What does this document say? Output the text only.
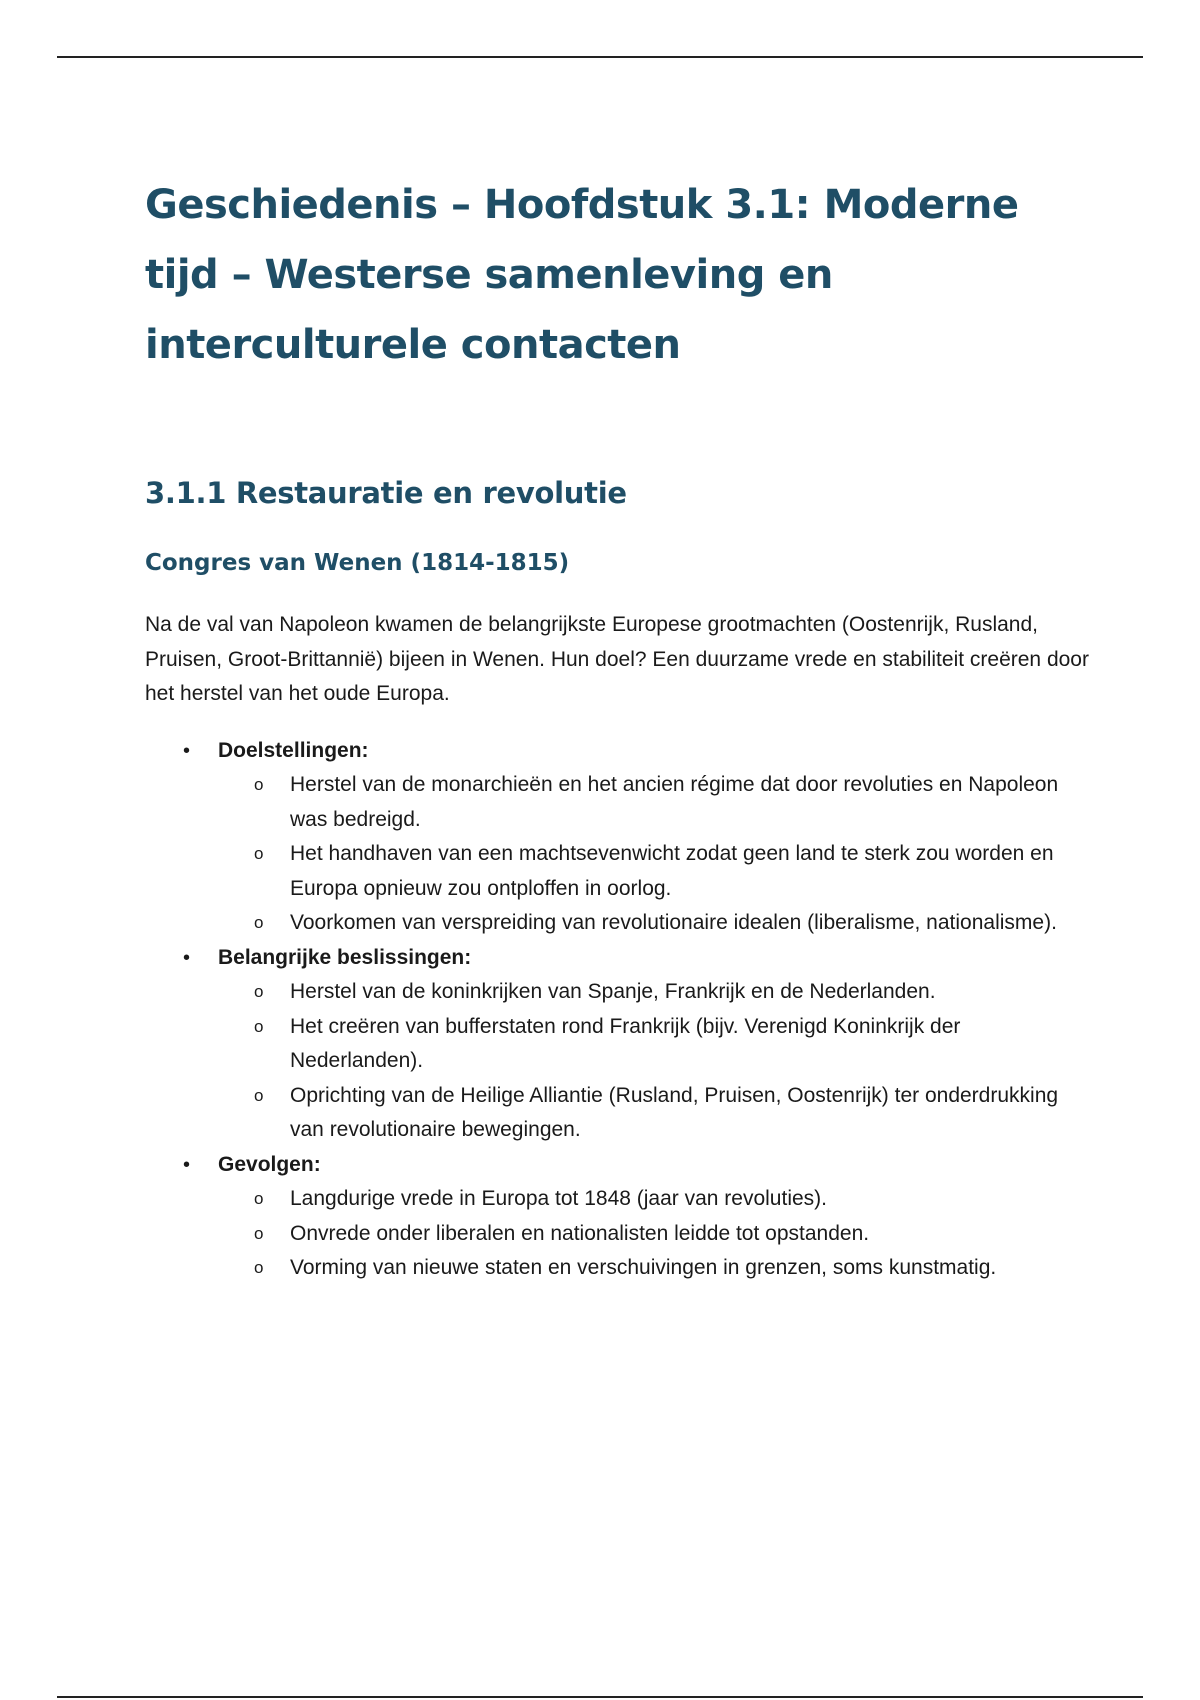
Geschiedenis – Hoofdstuk 3.1: Moderne tijd – Westerse samenleving en interculturele contacten
3.1.1 Restauratie en revolutie
Congres van Wenen (1814-1815)

Na de val van Napoleon kwamen de belangrijkste Europese grootmachten (Oostenrijk, Rusland, Pruisen, Groot-Brittannië) bijeen in Wenen. Hun doel? Een duurzame vrede en stabiliteit creëren door het herstel van het oude Europa.

• Doelstellingen:
o Herstel van de monarchieën en het ancien régime dat door revoluties en Napoleon was bedreigd.
o Het handhaven van een machtsevenwicht zodat geen land te sterk zou worden en Europa opnieuw zou ontploffen in oorlog.
o Voorkomen van verspreiding van revolutionaire idealen (liberalisme, nationalisme).
• Belangrijke beslissingen:
o Herstel van de koninkrijken van Spanje, Frankrijk en de Nederlanden.
o Het creëren van bufferstaten rond Frankrijk (bijv. Verenigd Koninkrijk der Nederlanden).
o Oprichting van de Heilige Alliantie (Rusland, Pruisen, Oostenrijk) ter onderdrukking van revolutionaire bewegingen.
• Gevolgen:
o Langdurige vrede in Europa tot 1848 (jaar van revoluties).
o Onvrede onder liberalen en nationalisten leidde tot opstanden.
o Vorming van nieuwe staten en verschuivingen in grenzen, soms kunstmatig.
